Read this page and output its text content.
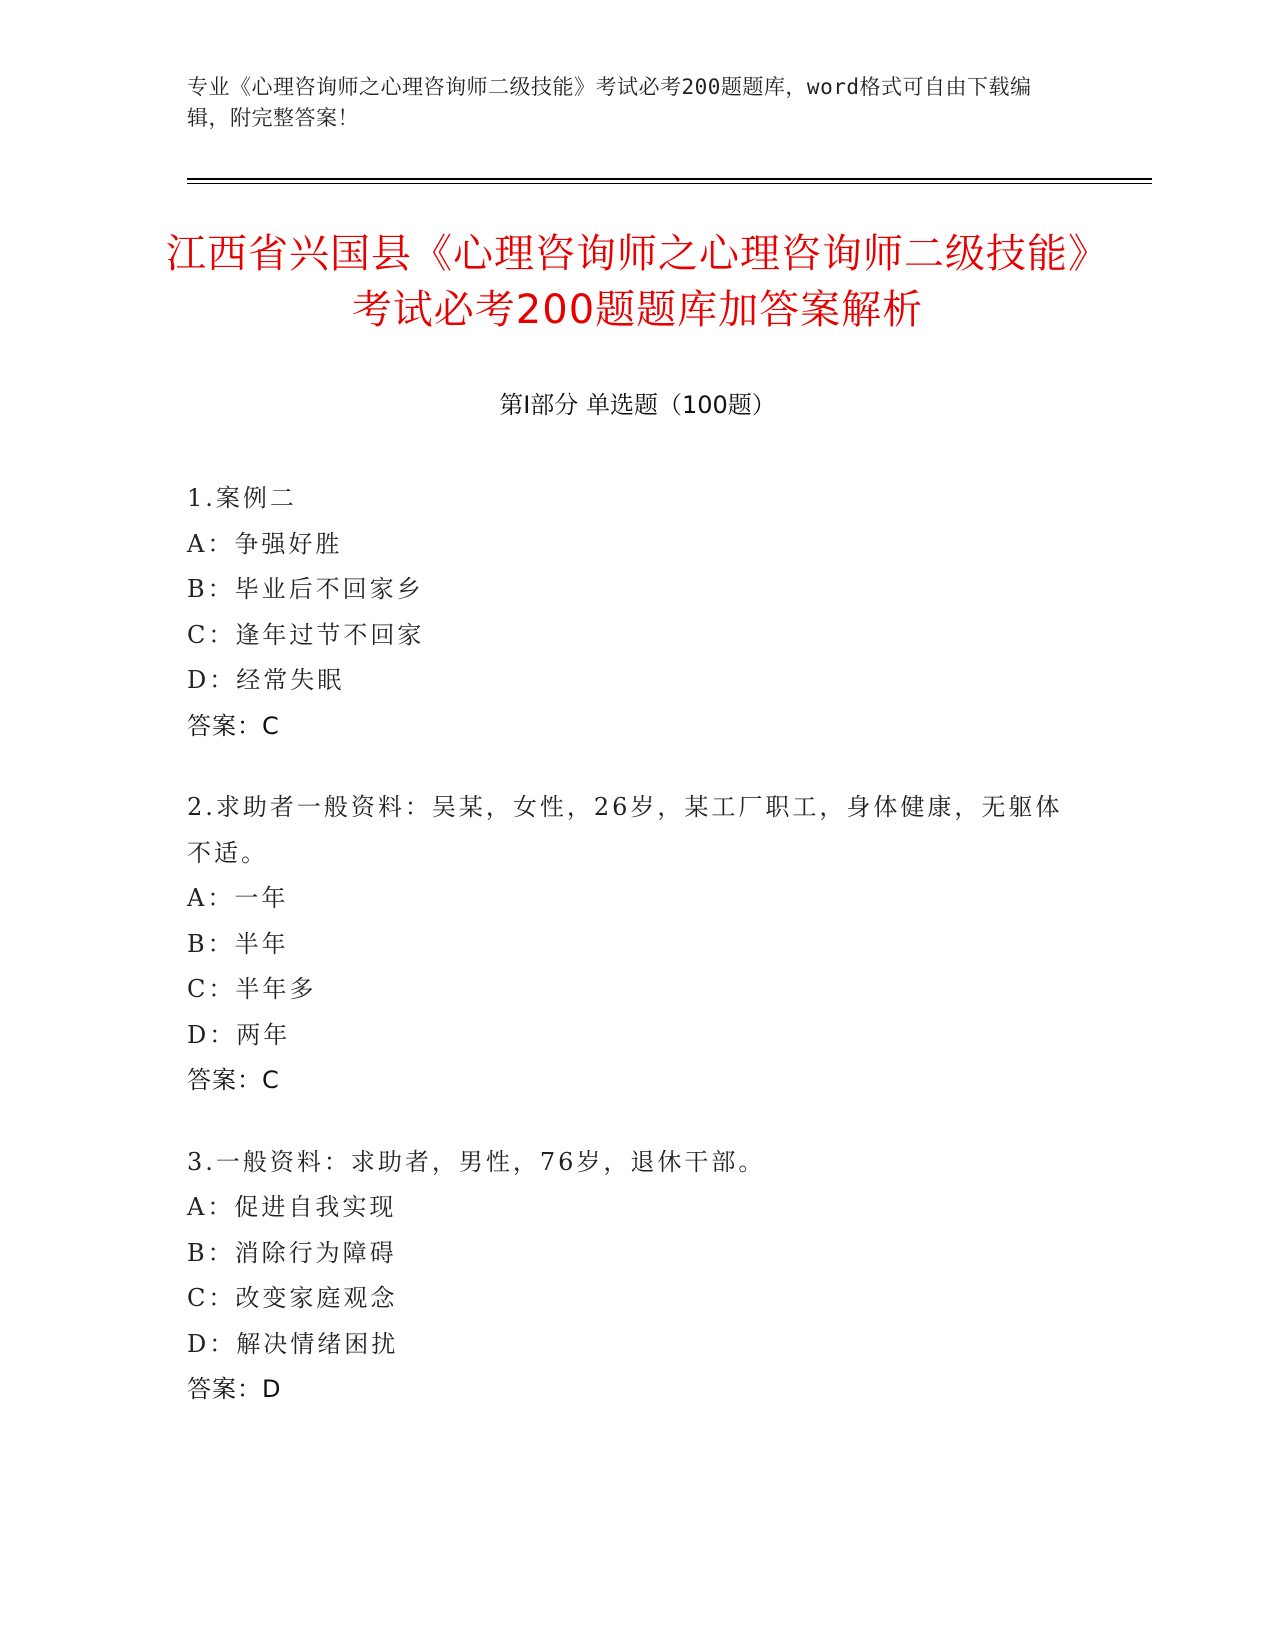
专业《心理咨询师之心理咨询师二级技能》考试必考200题题库，word格式可自由下载编辑，附完整答案！
江西省兴国县《心理咨询师之心理咨询师二级技能》考试必考200题题库加答案解析
第Ⅰ部分 单选题（100题）
1.案例二
A：争强好胜
B：毕业后不回家乡
C：逢年过节不回家
D：经常失眠
答案：C
2.求助者一般资料：吴某，女性，26岁，某工厂职工，身体健康，无躯体不适。
A：一年
B：半年
C：半年多
D：两年
答案：C
3.一般资料：求助者，男性，76岁，退休干部。
A：促进自我实现
B：消除行为障碍
C：改变家庭观念
D：解决情绪困扰
答案：D
